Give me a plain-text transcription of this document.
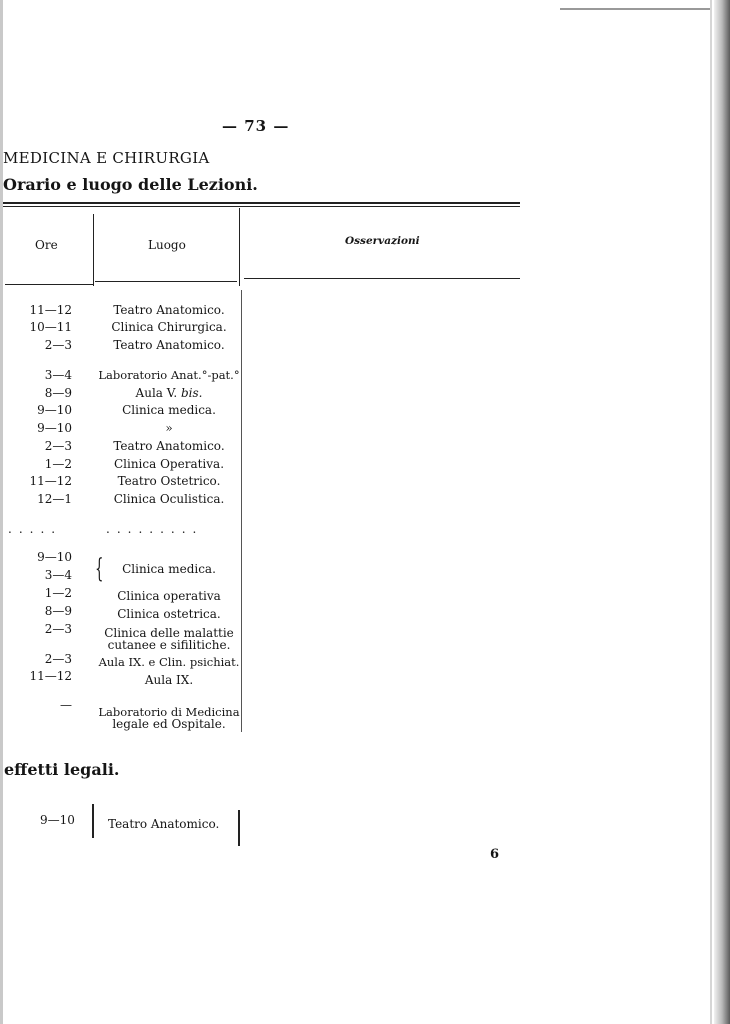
— 73 —
MEDICINA E CHIRURGIA
Orario e luogo delle Lezioni.
Ore	Luogo	Osservazioni
11—12	Teatro Anatomico.
10—11	Clinica Chirurgica.
2—3	Teatro Anatomico.
3—4 Laboratorio Anat.°-pat.°
8—9	Aula V. bis.
9—10	Clinica medica.
9—10	»
2—3	Teatro Anatomico.
1—2	Clinica Operativa.
11—12	Teatro Ostetrico.
12—1	Clinica Oculistica.
.....	.........
9—10
3—4 {	Clinica medica.
1—2	Clinica operativa
8—9	Clinica ostetrica.
2—3	Clinica delle malattie
cutanee e sifilitiche.
2—3	Aula IX. e Clin. psichiat.
11—12	Aula IX.
— Laboratorio di Medicina
legale ed Ospitale.
effetti legali.
9—10	Teatro Anatomico.
6
